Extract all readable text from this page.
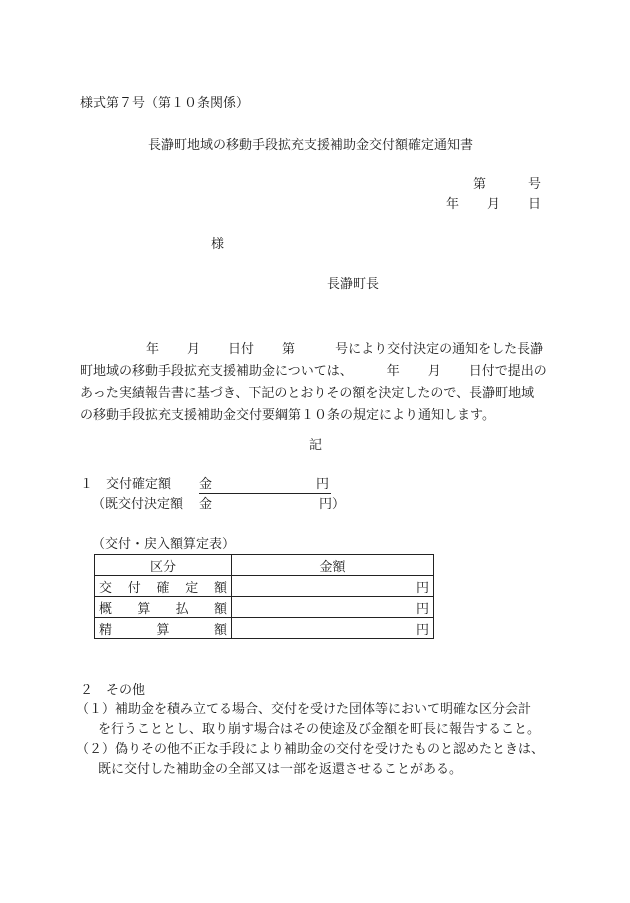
様式第７号（第１０条関係）
長瀞町地域の移動手段拡充支援補助金交付額確定通知書
第	号
年 月 日
様
長瀞町長
年 月 日付 第	号により交付決定の通知をした長瀞
町地域の移動手段拡充支援補助金については、	年 月 日付で提出の
あった実績報告書に基づき、下記のとおりその額を決定したので、長瀞町地域
の移動手段拡充支援補助金交付要綱第１０条の規定により通知します。
記
１ 交付確定額 金	円
（既交付決定額 金	円）
（交付・戻入額算定表）
区分	金額

交 付 確 定 額	円

概 算 払 額	円

精 算 額	円
２　その他
（１）補助金を積み立てる場合、交付を受けた団体等において明確な区分会計
を行うこととし、取り崩す場合はその使途及び金額を町長に報告すること。
（２）偽りその他不正な手段により補助金の交付を受けたものと認めたときは、
既に交付した補助金の全部又は一部を返還させることがある。
